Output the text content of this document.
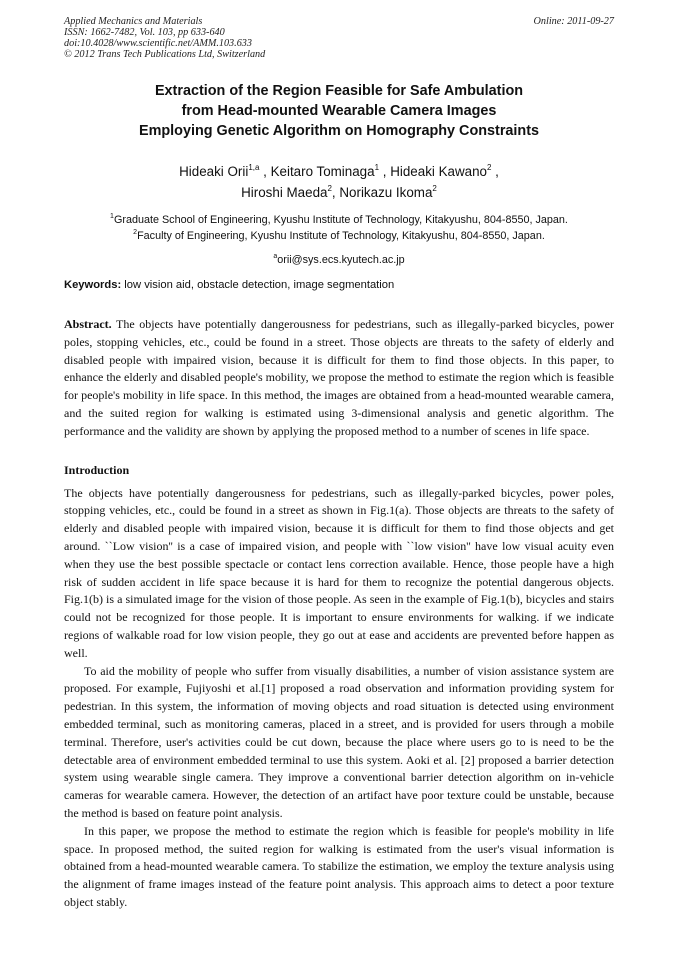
Online: 2011-09-27
Applied Mechanics and Materials
ISSN: 1662-7482, Vol. 103, pp 633-640
doi:10.4028/www.scientific.net/AMM.103.633
© 2012 Trans Tech Publications Ltd, Switzerland
Extraction of the Region Feasible for Safe Ambulation
from Head-mounted Wearable Camera Images
Employing Genetic Algorithm on Homography Constraints
Hideaki Orii$^{1,a}$ , Keitaro Tominaga$^1$ , Hideaki Kawano$^2$ ,
Hiroshi Maeda$^2$, Norikazu Ikoma$^2$
$^1$Graduate School of Engineering, Kyushu Institute of Technology, Kitakyushu, 804-8550, Japan.
$^2$Faculty of Engineering, Kyushu Institute of Technology, Kitakyushu, 804-8550, Japan.
$^a$orii@sys.ecs.kyutech.ac.jp
Keywords: low vision aid, obstacle detection, image segmentation
Abstract. The objects have potentially dangerousness for pedestrians, such as illegally-parked bicycles, power poles, stopping vehicles, etc., could be found in a street. Those objects are threats to the safety of elderly and disabled people with impaired vision, because it is difficult for them to find those objects. In this paper, to enhance the elderly and disabled people's mobility, we propose the method to estimate the region which is feasible for people's mobility in life space. In this method, the images are obtained from a head-mounted wearable camera, and the suited region for walking is estimated using 3-dimensional analysis and genetic algorithm. The performance and the validity are shown by applying the proposed method to a number of scenes in life space.
Introduction

The objects have potentially dangerousness for pedestrians, such as illegally-parked bicycles, power poles, stopping vehicles, etc., could be found in a street as shown in Fig.1(a). Those objects are threats to the safety of elderly and disabled people with impaired vision, because it is difficult for them to find those objects and get around. ``Low vision'' is a case of impaired vision, and people with ``low vision'' have low visual acuity even when they use the best possible spectacle or contact lens correction available. Hence, those people have a high risk of sudden accident in life space because it is hard for them to recognize the potential dangerous objects. Fig.1(b) is a simulated image for the vision of those people. As seen in the example of Fig.1(b), bicycles and stairs could not be recognized for those people. It is important to ensure environments for walking. if we indicate regions of walkable road for low vision people, they go out at ease and accidents are prevented before happen as well.

To aid the mobility of people who suffer from visually disabilities, a number of vision assistance system are proposed. For example, Fujiyoshi et al.[1] proposed a road observation and information providing system for pedestrian. In this system, the information of moving objects and road situation is detected using environment embedded terminal, such as monitoring cameras, placed in a street, and is provided for users through a mobile terminal. Therefore, user's activities could be cut down, because the place where users go to is need to be the detectable area of environment embedded terminal to use this system. Aoki et al. [2] proposed a barrier detection system using wearable single camera. They improve a conventional barrier detection algorithm on in-vehicle cameras for wearable camera. However, the detection of an artifact have poor texture could be unstable, because the method is based on feature point analysis.

In this paper, we propose the method to estimate the region which is feasible for people's mobility in life space. In proposed method, the suited region for walking is estimated from the user's visual information is obtained from a head-mounted wearable camera. To stabilize the estimation, we employ the texture analysis using the alignment of frame images instead of the feature point analysis. This approach aims to detect a poor texture object stably.
